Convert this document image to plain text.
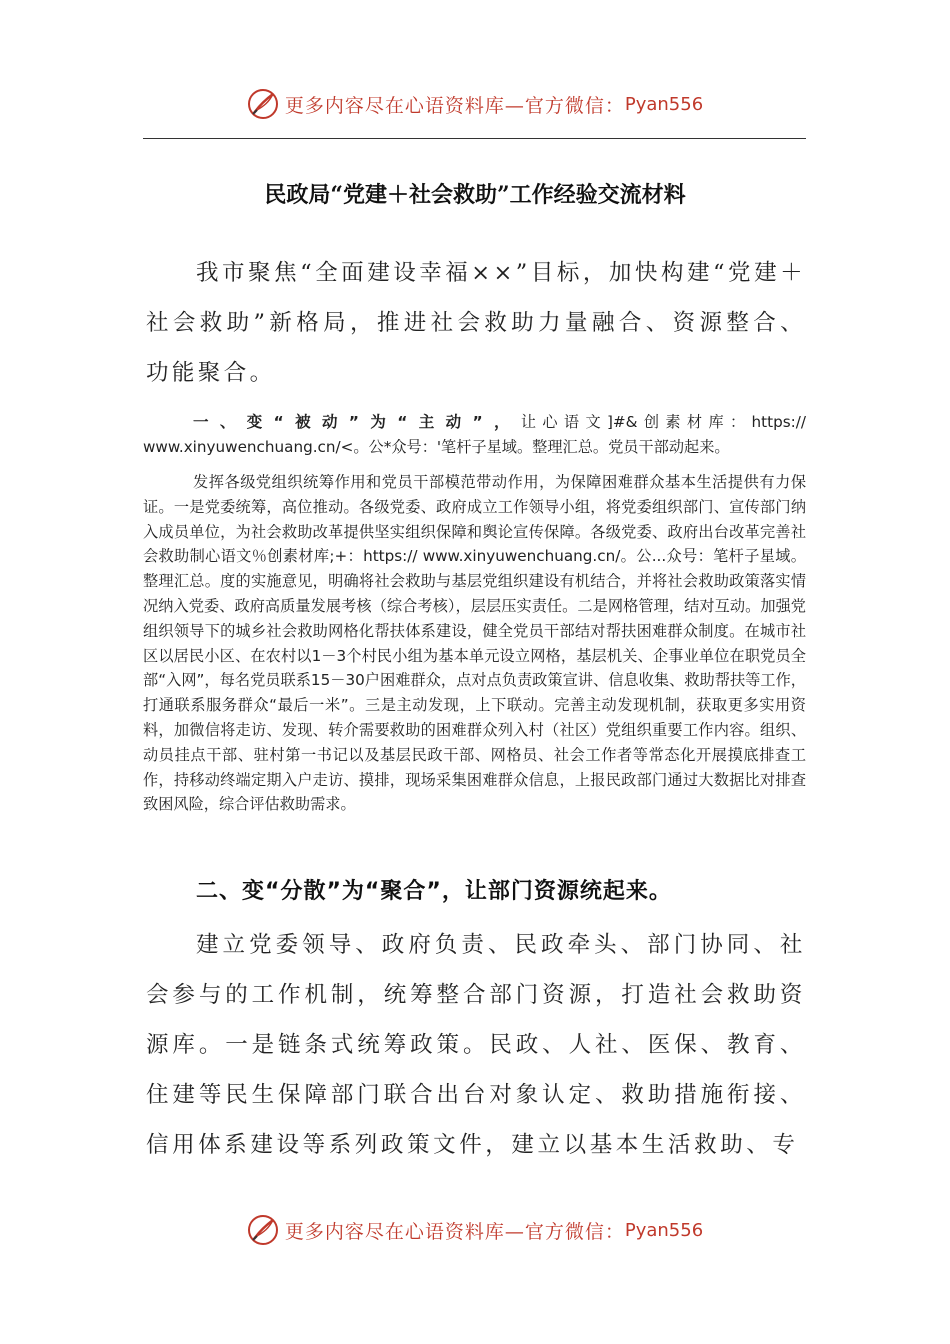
更多内容尽在心语资料库—官方微信： Pyan556
民政局“党建＋社会救助”工作经验交流材料
我市聚焦“全面建设幸福××”目标，加快构建“党建＋社会救助”新格局，推进社会救助力量融合、资源整合、功能聚合。
一、变“被动”为“主动”，让心语文]#&创素材库：https:// www.xinyuwenchuang.cn/<。公*众号：'笔杆子星域。整理汇总。党员干部动起来。
发挥各级党组织统筹作用和党员干部模范带动作用，为保障困难群众基本生活提供有力保证。一是党委统筹，高位推动。各级党委、政府成立工作领导小组，将党委组织部门、宣传部门纳入成员单位，为社会救助改革提供坚实组织保障和舆论宣传保障。各级党委、政府出台改革完善社会救助制心语文％创素材库;+：https:// www.xinyuwenchuang.cn/。公...众号：笔杆子星域。整理汇总。度的实施意见，明确将社会救助与基层党组织建设有机结合，并将社会救助政策落实情况纳入党委、政府高质量发展考核（综合考核），层层压实责任。二是网格管理，结对互动。加强党组织领导下的城乡社会救助网格化帮扶体系建设，健全党员干部结对帮扶困难群众制度。在城市社区以居民小区、在农村以1－3个村民小组为基本单元设立网格，基层机关、企事业单位在职党员全部“入网”，每名党员联系15－30户困难群众，点对点负责政策宣讲、信息收集、救助帮扶等工作，打通联系服务群众“最后一米”。三是主动发现，上下联动。完善主动发现机制，获取更多实用资料，加微信将走访、发现、转介需要救助的困难群众列入村（社区）党组织重要工作内容。组织、动员挂点干部、驻村第一书记以及基层民政干部、网格员、社会工作者等常态化开展摸底排查工作，持移动终端定期入户走访、摸排，现场采集困难群众信息，上报民政部门通过大数据比对排查致困风险，综合评估救助需求。
二、变“分散”为“聚合”，让部门资源统起来。
建立党委领导、政府负责、民政牵头、部门协同、社会参与的工作机制，统筹整合部门资源，打造社会救助资源库。一是链条式统筹政策。民政、人社、医保、教育、住建等民生保障部门联合出台对象认定、救助措施衔接、信用体系建设等系列政策文件，建立以基本生活救助、专
更多内容尽在心语资料库—官方微信： Pyan556
